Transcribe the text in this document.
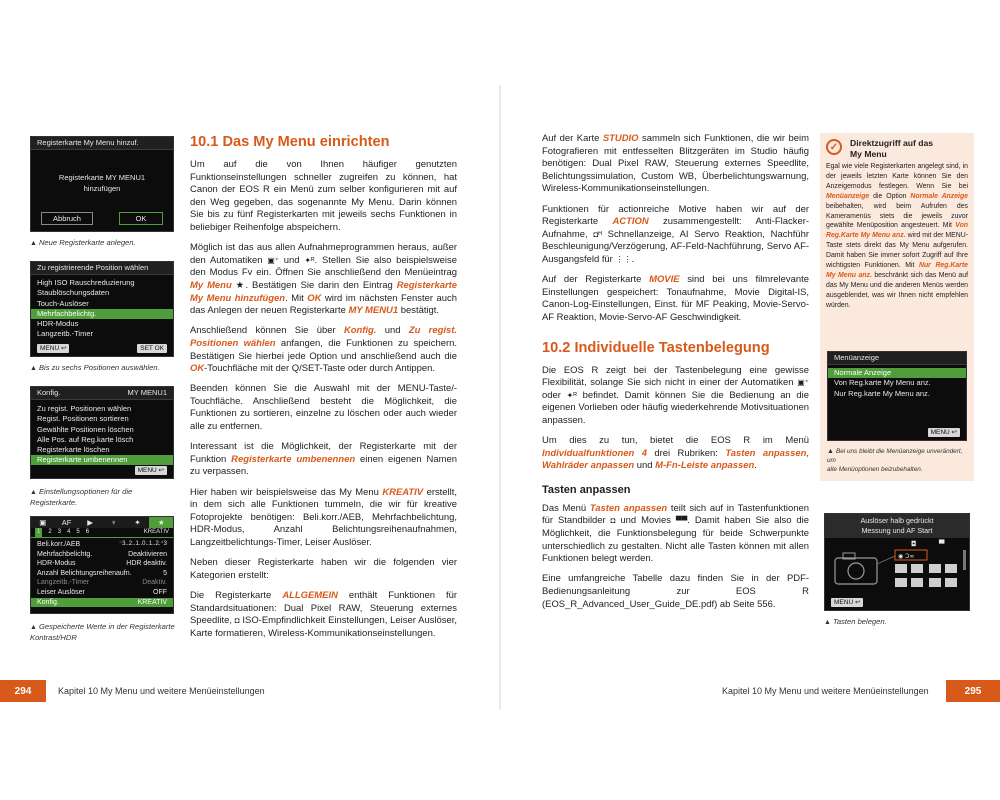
Registerkarte My Menu hinzuf.
Registerkarte MY MENU1
hinzufügen
Abbruch	OK
▲ Neue Registerkarte anlegen.
Zu registrierende Position wählen
High ISO Rauschreduzierung
Staublöschungsdaten
Touch-Auslöser
Mehrfachbelichtg.
HDR-Modus
Langzeitb.-Timer
MENU ↩	SET OK
▲ Bis zu sechs Positionen auswählen.
Konfig.	MY MENU1
Zu regist. Positionen wählen
Regist. Positionen sortieren
Gewählte Positionen löschen
Alle Pos. auf Reg.karte lösch
Registerkarte löschen
Registerkarte umbenennen
MENU ↩
▲ Einstellungsoptionen für die Registerkarte.
▣	AF	▶	♆	✦	★
1	2 3 4 5 6	KREATIV
Beli.korr./AEB	⁻3..2..1..0..1..2.⁺3
Mehrfachbelichtg.	Deaktivieren
HDR-Modus	HDR deaktiv.
Anzahl Belichtungsreihenaufn.	5
Langzeitb.-Timer	Deaktiv.
Leiser Auslöser	OFF
Konfig.	KREATIV
▲ Gespeicherte Werte in der Registerkarte
Kontrast/HDR
10.1 Das My Menu einrichten

Um auf die von Ihnen häufiger genutzten Funktionseinstellungen schneller zugreifen zu können, hat Canon der EOS R ein Menü zum selber konfigurieren mit auf den Weg gegeben, das sogenannte My Menu. Darin können Sie bis zu fünf Registerkarten mit jeweils sechs Funktionen in beliebiger Reihenfolge abspeichern.

Möglich ist das aus allen Aufnahmeprogrammen heraus, außer den Automatiken ▣⁺ und ✦ᴿ. Stellen Sie also beispielsweise den Modus Fv ein. Öffnen Sie anschließend den Menüeintrag My Menu ★. Bestätigen Sie darin den Eintrag Registerkarte My Menu hinzufügen. Mit OK wird im nächsten Fenster auch das Anlegen der neuen Registerkarte MY MENU1 bestätigt.

Anschließend können Sie über Konfig. und Zu regist. Positionen wählen anfangen, die Funktionen zu speichern. Bestätigen Sie hierbei jede Option und anschließend auch die OK-Touchfläche mit der Q/SET-Taste oder durch Antippen.

Beenden können Sie die Auswahl mit der MENU-Taste/-Touchfläche. Anschließend besteht die Möglichkeit, die Funktionen zu sortieren, einzelne zu löschen oder auch wieder alle zu entfernen.

Interessant ist die Möglichkeit, der Registerkarte mit der Funktion Registerkarte umbenennen einen eigenen Namen zu verpassen.

Hier haben wir beispielsweise das My Menu KREATIV erstellt, in dem sich alle Funktionen tummeln, die wir für kreative Fotoprojekte benötigen: Beli.korr./AEB, Mehrfachbelichtung, HDR-Modus, Anzahl Belichtungsreihenaufnahmen, Langzeitbelichtungs-Timer, Leiser Auslöser.

Neben dieser Registerkarte haben wir die folgenden vier Kategorien erstellt:

Die Registerkarte ALLGEMEIN enthält Funktionen für Standardsituationen: Dual Pixel RAW, Steuerung externes Speedlite, ◘ ISO-Empfindlichkeit Einstellungen, Leiser Auslöser, Karte formatieren, Wireless-Kommunikationseinstellungen.

294	Kapitel 10 My Menu und weitere Menüeinstellungen

Auf der Karte STUDIO sammeln sich Funktionen, die wir beim Fotografieren mit entfesselten Blitzgeräten im Studio häufig benötigen: Dual Pixel RAW, Steuerung externes Speedlite, Belichtungssimulation, Custom WB, Überbelichtungswarnung, Wireless-Kommunikationseinstellungen.

Funktionen für actionreiche Motive haben wir auf der Registerkarte ACTION zusammengestellt: Anti-Flacker-Aufnahme, ◘ᴴ Schnellanzeige, AI Servo Reaktion, Nachführ Beschleunigung/Verzögerung, AF-Feld-Nachführung, Servo AF-Ausgangsfeld für ⋮⋮.

Auf der Registerkarte MOVIE sind bei uns filmrelevante Einstellungen gespeichert: Tonaufnahme, Movie Digital-IS, Canon-Log-Einstellungen, Einst. für MF Peaking, Movie-Servo-AF Reaktion, Movie-Servo-AF Geschwindigkeit.

10.2 Individuelle Tastenbelegung

Die EOS R zeigt bei der Tastenbelegung eine gewisse Flexibilität, solange Sie sich nicht in einer der Automatiken ▣⁺ oder ✦ᴿ befindet. Damit können Sie die Bedienung an die eigenen Vorlieben oder häufig wiederkehrende Motivsituationen anpassen.

Um dies zu tun, bietet die EOS R im Menü Individualfunktionen 4 drei Rubriken: Tasten anpassen, Wahlräder anpassen und M-Fn-Leiste anpassen.

Tasten anpassen

Das Menü Tasten anpassen teilt sich auf in Tastenfunktionen für Standbilder ◘ und Movies ▀▀. Damit haben Sie also die Möglichkeit, die Funktionsbelegung für beide Schwerpunkte unterschiedlich zu gestalten. Nicht alle Tasten können mit allen Funktionen belegt werden.

Eine umfangreiche Tabelle dazu finden Sie in der PDF-Bedienungsanleitung zur EOS R (EOS_R_Advanced_User_Guide_DE.pdf) ab Seite 556.

✓	Direktzugriff auf das
My Menu
Egal wie viele Registerkarten angelegt sind, in der jeweils letzten Karte können Sie den Anzeigemodus festlegen. Wenn Sie bei Menüanzeige die Option Normale Anzeige beibehalten, wird beim Aufrufen des Kameramenüs stets die jeweils zuvor gewählte Menüposition angesteuert. Mit Von Reg.Karte My Menu anz. wird mit der MENU-Taste stets direkt das My Menu aufgerufen. Damit haben Sie immer sofort Zugriff auf Ihre wichtigsten Funktionen. Mit Nur Reg.Karte My Menu anz. beschränkt sich das Menü auf das My Menu und die anderen Menüs werden ausgeblendet, was wir Ihnen nicht empfehlen würden.
Menüanzeige
Normale Anzeige
Von Reg.karte My Menu anz.
Nur Reg.karte My Menu anz.
MENU ↩
▲ Bei uns bleibt die Menüanzeige unverändert, um
alle Menüoptionen beizubehalten.
Auslöser halb gedrückt
Messung und AF Start
◘	▀
◉ Ↄ∞
MENU ↩
▲ Tasten belegen.
Kapitel 10 My Menu und weitere Menüeinstellungen	295
